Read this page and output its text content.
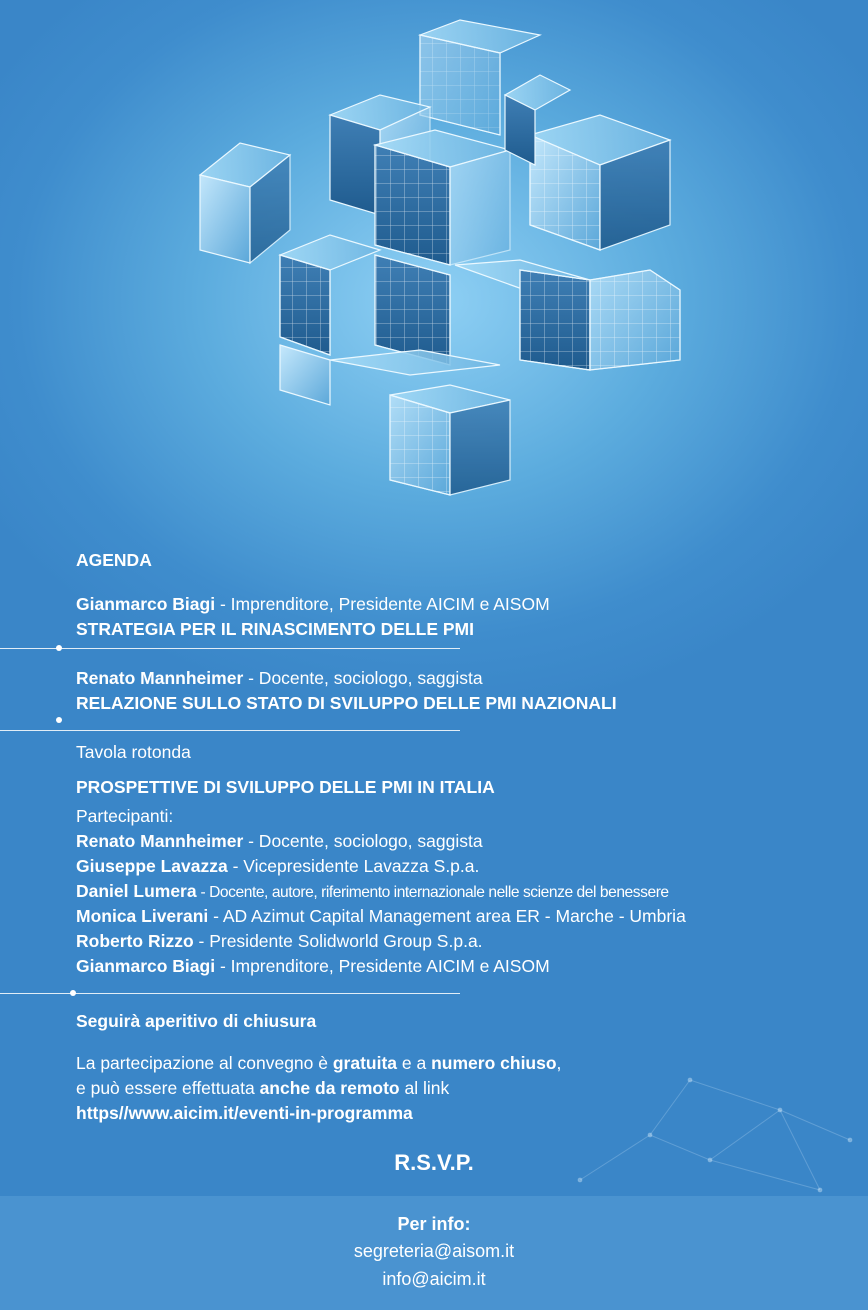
AGENDA
Gianmarco Biagi - Imprenditore, Presidente AICIM e AISOM
STRATEGIA PER IL RINASCIMENTO DELLE PMI
Renato Mannheimer - Docente, sociologo, saggista
RELAZIONE SULLO STATO DI SVILUPPO DELLE PMI NAZIONALI
Tavola rotonda
PROSPETTIVE DI SVILUPPO DELLE PMI IN ITALIA
Partecipanti:
Renato Mannheimer - Docente, sociologo, saggista
Giuseppe Lavazza - Vicepresidente Lavazza S.p.a.
Daniel Lumera - Docente, autore, riferimento internazionale nelle scienze del benessere
Monica Liverani - AD Azimut Capital Management area ER - Marche - Umbria
Roberto Rizzo - Presidente Solidworld Group S.p.a.
Gianmarco Biagi - Imprenditore, Presidente AICIM e AISOM
Seguirà aperitivo di chiusura
La partecipazione al convegno è gratuita e a numero chiuso,
e può essere effettuata anche da remoto al link
https//www.aicim.it/eventi-in-programma
R.S.V.P.
Per info:
segreteria@aisom.it
info@aicim.it
